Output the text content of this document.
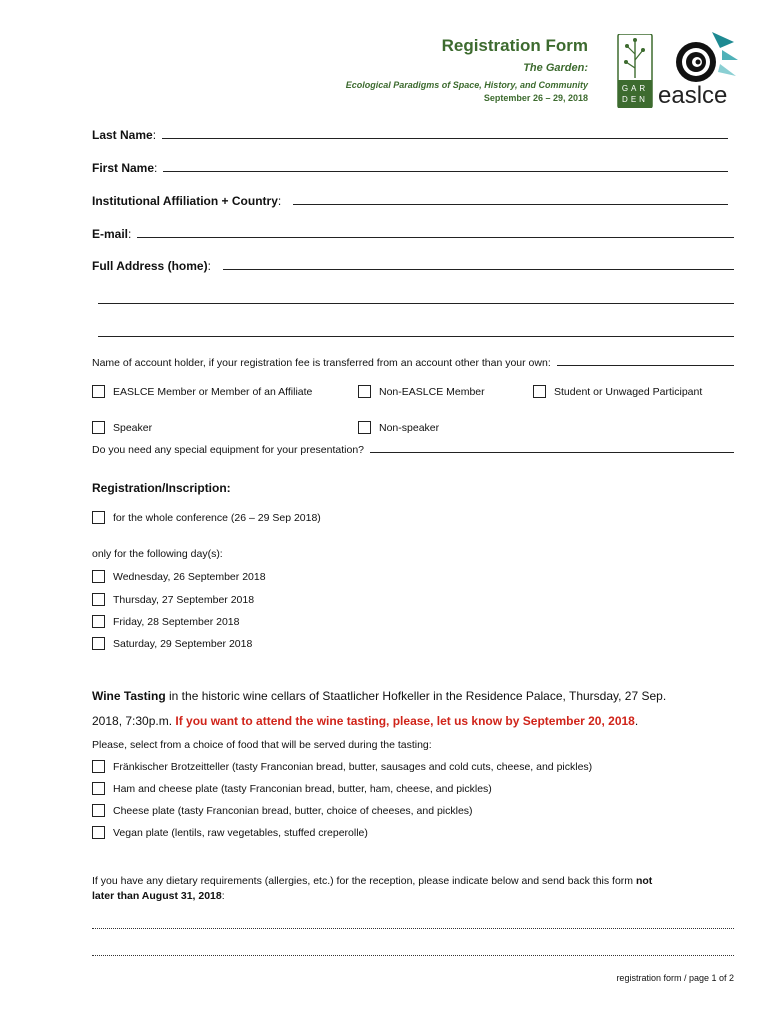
Registration Form
The Garden:
Ecological Paradigms of Space, History, and Community
September 26 – 29, 2018
GAR DEN easlce
Last Name :
First Name :
Institutional Affiliation + Country :
E-mail :
Full Address (home) :
Name of account holder, if your registration fee is transferred from an account other than your own:
EASLCE Member or Member of an Affiliate	Non-EASLCE Member	Student or Unwaged Participant
Speaker	Non-speaker
Do you need any special equipment for your presentation?
Registration/Inscription:
for the whole conference (26 – 29 Sep 2018)
only for the following day(s):
Wednesday, 26 September 2018
Thursday, 27 September 2018
Friday, 28 September 2018
Saturday, 29 September 2018
Wine Tasting in the historic wine cellars of Staatlicher Hofkeller in the Residence Palace, Thursday, 27 Sep.
2018, 7:30p.m. If you want to attend the wine tasting, please, let us know by September 20, 2018.
Please, select from a choice of food that will be served during the tasting:
Fränkischer Brotzeitteller (tasty Franconian bread, butter, sausages and cold cuts, cheese, and pickles)
Ham and cheese plate (tasty Franconian bread, butter, ham, cheese, and pickles)
Cheese plate (tasty Franconian bread, butter, choice of cheeses, and pickles)
Vegan plate (lentils, raw vegetables, stuffed creperolle)
If you have any dietary requirements (allergies, etc.) for the reception, please indicate below and send back this form not
later than August 31, 2018:
registration form / page 1 of 2
